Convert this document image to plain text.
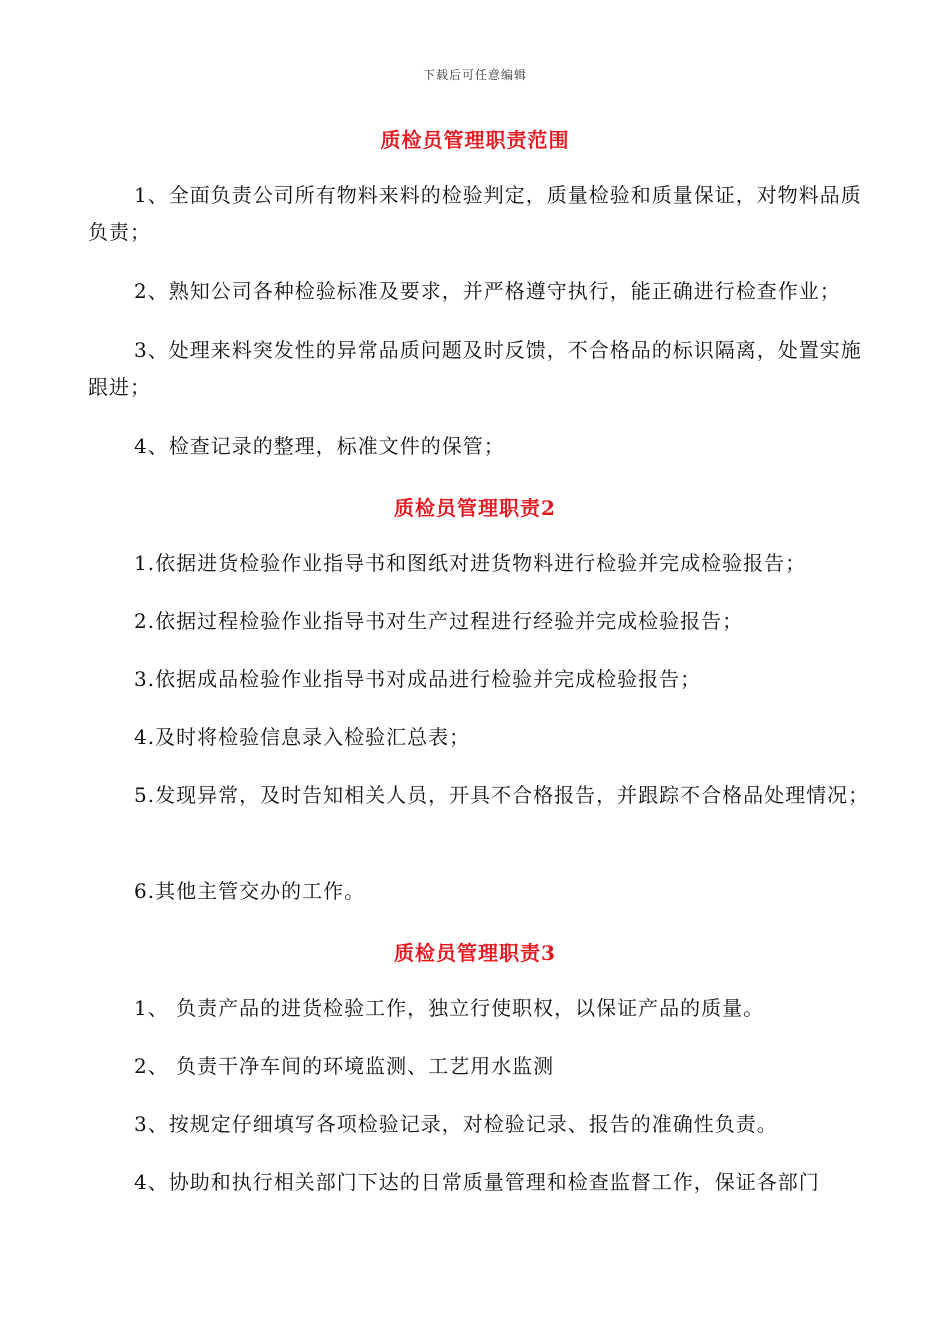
下载后可任意编辑
质检员管理职责范围
1、全面负责公司所有物料来料的检验判定，质量检验和质量保证，对物料品质负责；
2、熟知公司各种检验标准及要求，并严格遵守执行，能正确进行检查作业；
3、处理来料突发性的异常品质问题及时反馈，不合格品的标识隔离，处置实施跟进；
4、检查记录的整理，标准文件的保管；
质检员管理职责2
1.依据进货检验作业指导书和图纸对进货物料进行检验并完成检验报告；
2.依据过程检验作业指导书对生产过程进行经验并完成检验报告；
3.依据成品检验作业指导书对成品进行检验并完成检验报告；
4.及时将检验信息录入检验汇总表；
5.发现异常，及时告知相关人员，开具不合格报告，并跟踪不合格品处理情况；
6.其他主管交办的工作。
质检员管理职责3
1、 负责产品的进货检验工作，独立行使职权，以保证产品的质量。
2、 负责干净车间的环境监测、工艺用水监测
3、按规定仔细填写各项检验记录，对检验记录、报告的准确性负责。
4、协助和执行相关部门下达的日常质量管理和检查监督工作，保证各部门
